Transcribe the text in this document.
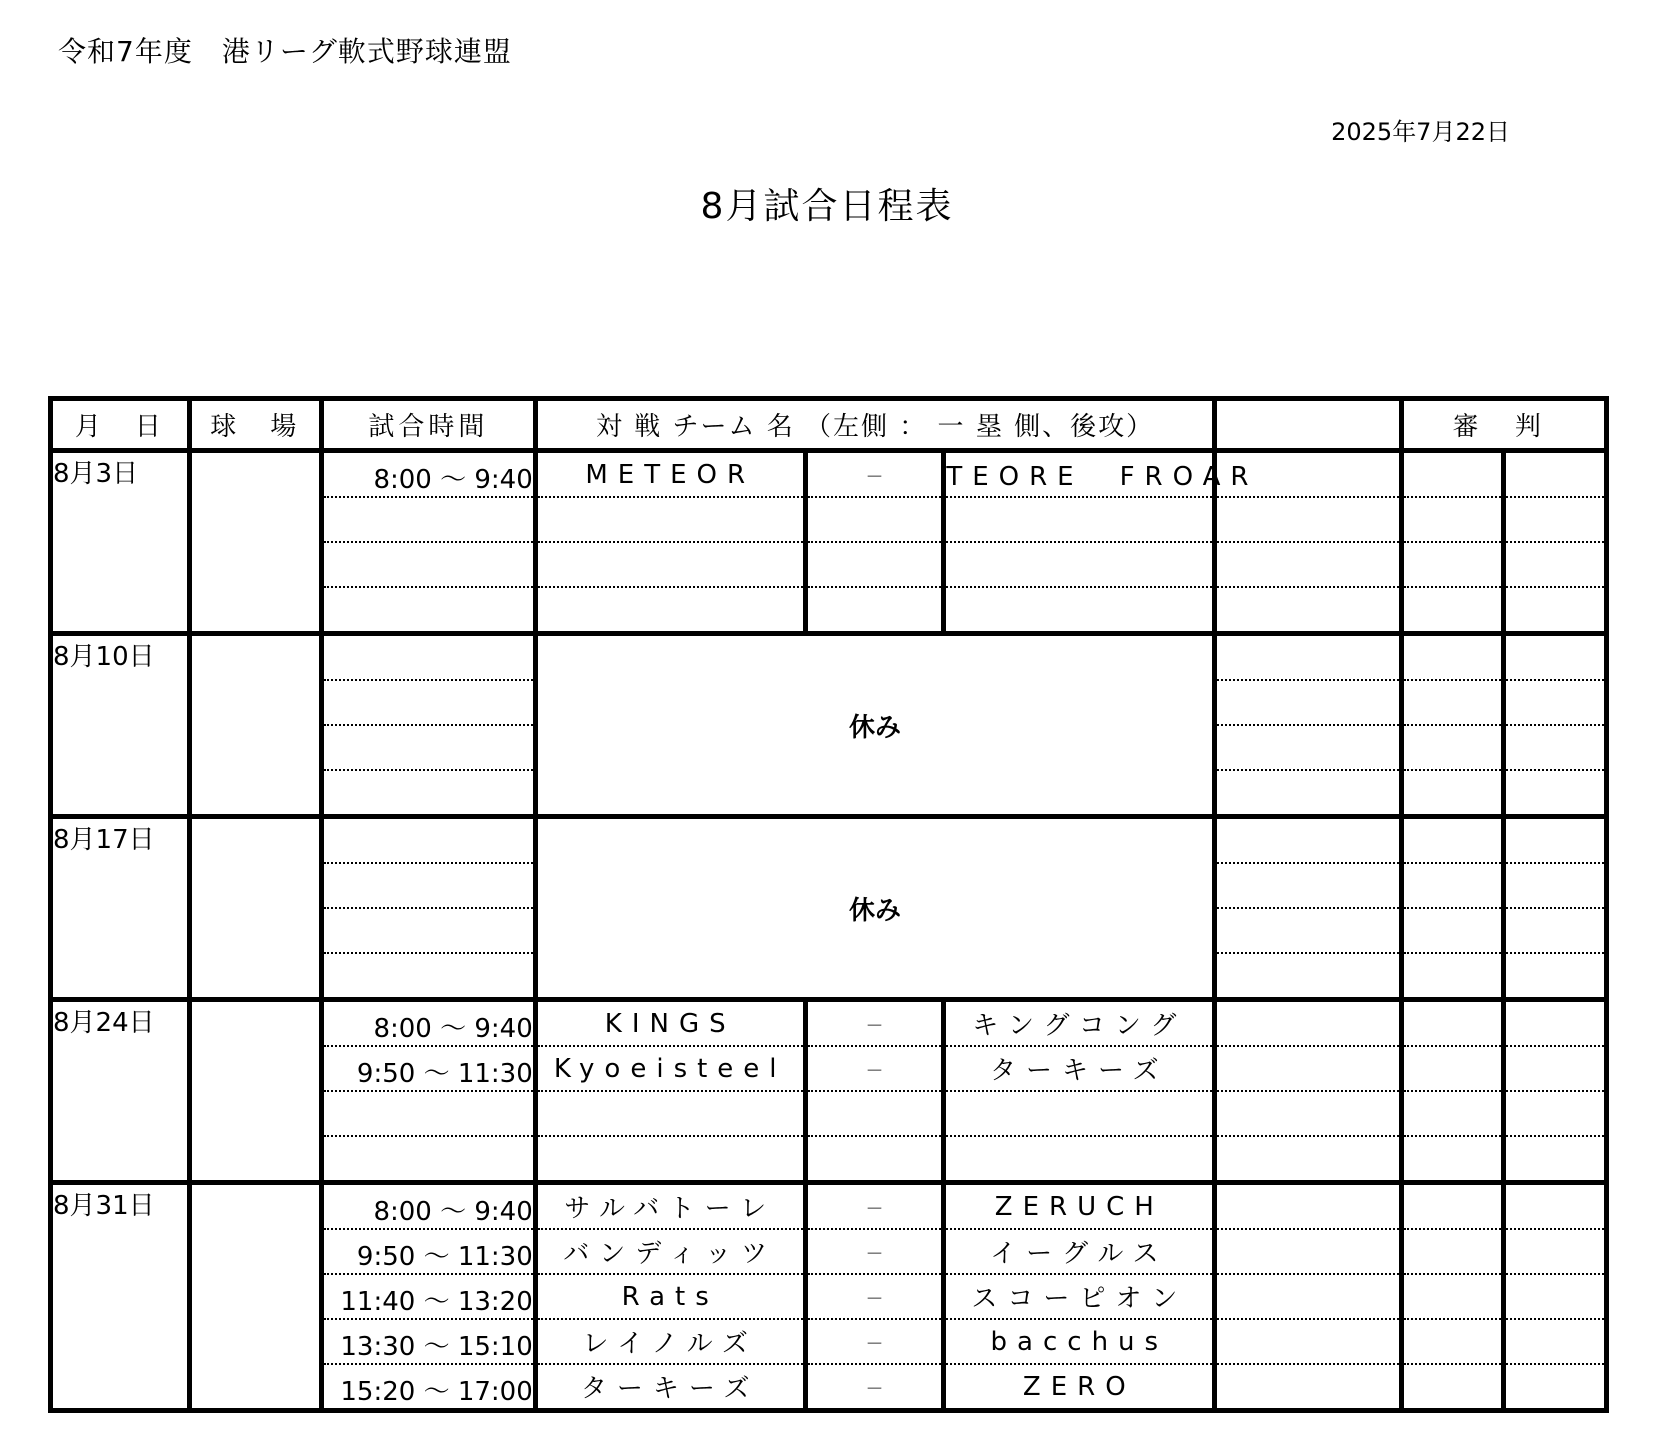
令和7年度　港リーグ軟式野球連盟
2025年7月22日
8月試合日程表
月　日	球　場	試合時間	対 戦 チーム 名 （左側 ： 一 塁 側、後攻）				審 判	
8月3日		8:00 ～ 9:40	METEOR	－	TEORE　FROAR			

8月10日			休み					

8月17日			休み					

8月24日		8:00 ～ 9:40	KINGS	－	キングコング			
		9:50 ～ 11:30	Kyoeisteel	－	ターキーズ			

8月31日		8:00 ～ 9:40	サルバトーレ	－	ZERUCH			
		9:50 ～ 11:30	バンディッツ	－	イーグルス			
		11:40 ～ 13:20	Rats	－	スコーピオン			
		13:30 ～ 15:10	レイノルズ	－	bacchus			
		15:20 ～ 17:00	ターキーズ	－	ZERO			
